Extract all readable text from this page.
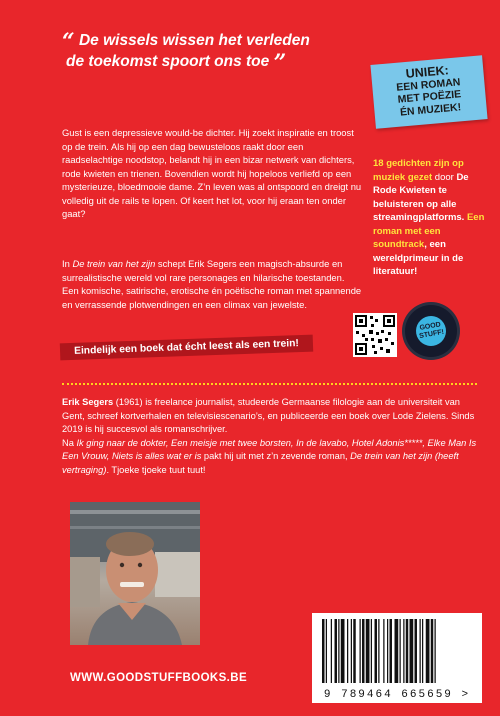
“ De wissels wissen het verleden
de toekomst spoort ons toe ”	UNIEK:
EEN ROMAN
MET POËZIE
ÉN MUZIEK!
Gust is een depressieve would-be dichter. Hij zoekt inspiratie en troost op de trein. Als hij op een dag bewusteloos raakt door een raadselachtige noodstop, belandt hij in een bizar netwerk van dichters, rode kwieten en trienen. Bovendien wordt hij hopeloos verliefd op een mysterieuze, bloedmooie dame. Z’n leven was al ontspoord en dreigt nu volledig uit de rails te lopen. Of keert het lot, voor hij eraan ten onder gaat?
In De trein van het zijn schept Erik Segers een magisch-absurde en surrealistische wereld vol rare personages en hilarische toestanden. Een komische, satirische, erotische én poëtische roman met spannende en verrassende plotwendingen en een climax van jewelste.
Eindelijk een boek dat écht leest als een trein!
18 gedichten zijn op muziek gezet door De Rode Kwieten te beluisteren op alle streamingplatforms. Een roman met een soundtrack, een wereldprimeur in de literatuur!
GOOD
STUFF!
Erik Segers (1961) is freelance journalist, studeerde Germaanse filologie aan de universiteit van Gent, schreef kortverhalen en televisiescenario’s, en publiceerde een boek over Lode Zielens. Sinds 2019 is hij succesvol als romanschrijver.
Na Ik ging naar de dokter, Een meisje met twee borsten, In de lavabo, Hotel Adonis*****, Elke Man Is Een Vrouw, Niets is alles wat er is pakt hij uit met z’n zevende roman, De trein van het zijn (heeft vertraging). Tjoeke tjoeke tuut tuut!
9 789464 665659 >
WWW.GOODSTUFFBOOKS.BE
